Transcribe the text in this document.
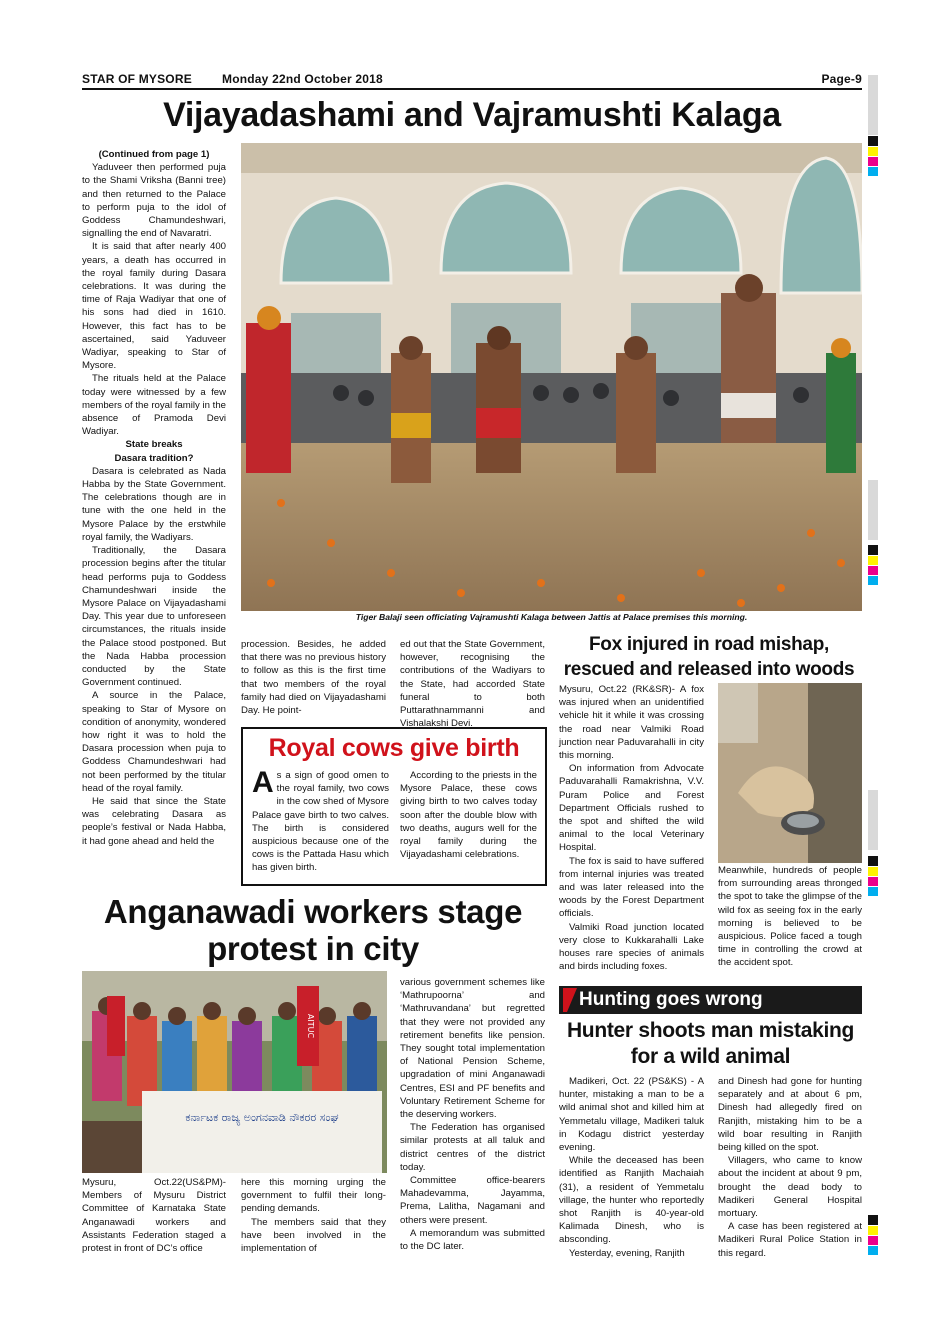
STAR OF MYSORE	Monday 22nd October 2018	Page-9
Vijayadashami and Vajramushti Kalaga

(Continued from page 1)

Yaduveer then performed puja to the Shami Vriksha (Banni tree) and then returned to the Palace to perform puja to the idol of Goddess Chamundeshwari, signalling the end of Navaratri.

It is said that after nearly 400 years, a death has occurred in the royal family during Dasara celebrations. It was during the time of Raja Wadiyar that one of his sons had died in 1610. However, this fact has to be ascertained, said Yaduveer Wadiyar, speaking to Star of Mysore.

The rituals held at the Palace today were witnessed by a few members of the royal family in the absence of Pramoda Devi Wadiyar.

State breaks

Dasara tradition?

Dasara is celebrated as Nada Habba by the State Government. The celebrations though are in tune with the one held in the Mysore Palace by the erstwhile royal family, the Wadiyars.

Traditionally, the Dasara procession begins after the titular head performs puja to Goddess Chamundeshwari inside the Mysore Palace on Vijayadashami Day. This year due to unforeseen circumstances, the rituals inside the Palace stood postponed. But the Nada Habba procession conducted by the State Government continued.

A source in the Palace, speaking to Star of Mysore on condition of anonymity, wondered how right it was to hold the Dasara procession when puja to Goddess Chamundeshwari had not been performed by the titular head of the royal family.

He said that since the State was celebrating Dasara as people’s festival or Nada Habba, it had gone ahead and held the

Tiger Balaji seen officiating Vajramushti Kalaga between Jattis at Palace premises this morning.

procession. Besides, he added that there was no previous history to follow as this is the first time that two members of the royal family had died on Vijayadashami Day. He point-

ed out that the State Government, however, recognising the contributions of the Wadiyars to the State, had accorded State funeral to both Puttarathnammanni and Vishalakshi Devi.

Royal cows give birth
A s a sign of good omen to the royal family, two cows in the cow shed of Mysore Palace gave birth to two calves. The birth is considered auspicious because one of the cows is the Pattada Hasu which has given birth.

According to the priests in the Mysore Palace, these cows giving birth to two calves today soon after the double blow with two deaths, augurs well for the royal family during the Vijayadashami celebrations.

Fox injured in road mishap, rescued and released into woods

Mysuru, Oct.22 (RK&SR)- A fox was injured when an unidentified vehicle hit it while it was crossing the road near Valmiki Road junction near Paduvarahalli in city this morning.

On information from Advocate Paduvarahalli Ramakrishna, V.V. Puram Police and Forest Department Officials rushed to the spot and shifted the wild animal to the local Veterinary Hospital.

The fox is said to have suffered from internal injuries was treated and was later released into the woods by the Forest Department officials.

Valmiki Road junction located very close to Kukkarahalli Lake houses rare species of animals and birds including foxes.

Meanwhile, hundreds of people from surrounding areas thronged the spot to take the glimpse of the wild fox as seeing fox in the early morning is believed to be auspicious. Police faced a tough time in controlling the crowd at the accident spot.

Anganawadi workers stage
protest in city
AITUC
ಕರ್ನಾಟಕ ರಾಜ್ಯ ಅಂಗನವಾಡಿ ನೌಕರರ ಸಂಘ

Mysuru, Oct.22(US&PM)- Members of Mysuru District Committee of Karnataka State Anganawadi workers and Assistants Federation staged a protest in front of DC’s office

here this morning urging the government to fulfil their long-pending demands.

The members said that they have been involved in the implementation of

various government schemes like ‘Mathrupoorna’ and ‘Mathruvandana’ but regretted that they were not provided any retirement benefits like pension. They sought total implementation of National Pension Scheme, upgradation of mini Anganawadi Centres, ESI and PF benefits and Voluntary Retirement Scheme for the deserving workers.

The Federation has organised similar protests at all taluk and district centres of the district today.

Committee office-bearers Mahadevamma, Jayamma, Prema, Lalitha, Nagamani and others were present.

A memorandum was submitted to the DC later.

Hunting goes wrong
Hunter shoots man mistaking for a wild animal

Madikeri, Oct. 22 (PS&KS) - A hunter, mistaking a man to be a wild animal shot and killed him at Yemmetalu village, Madikeri taluk in Kodagu district yesterday evening.

While the deceased has been identified as Ranjith Machaiah (31), a resident of Yemmetalu village, the hunter who reportedly shot Ranjith is 40-year-old Kalimada Dinesh, who is absconding.

Yesterday, evening, Ranjith

and Dinesh had gone for hunting separately and at about 6 pm, Dinesh had allegedly fired on Ranjith, mistaking him to be a wild boar resulting in Ranjith being killed on the spot.

Villagers, who came to know about the incident at about 9 pm, brought the dead body to Madikeri General Hospital mortuary.

A case has been registered at Madikeri Rural Police Station in this regard.
